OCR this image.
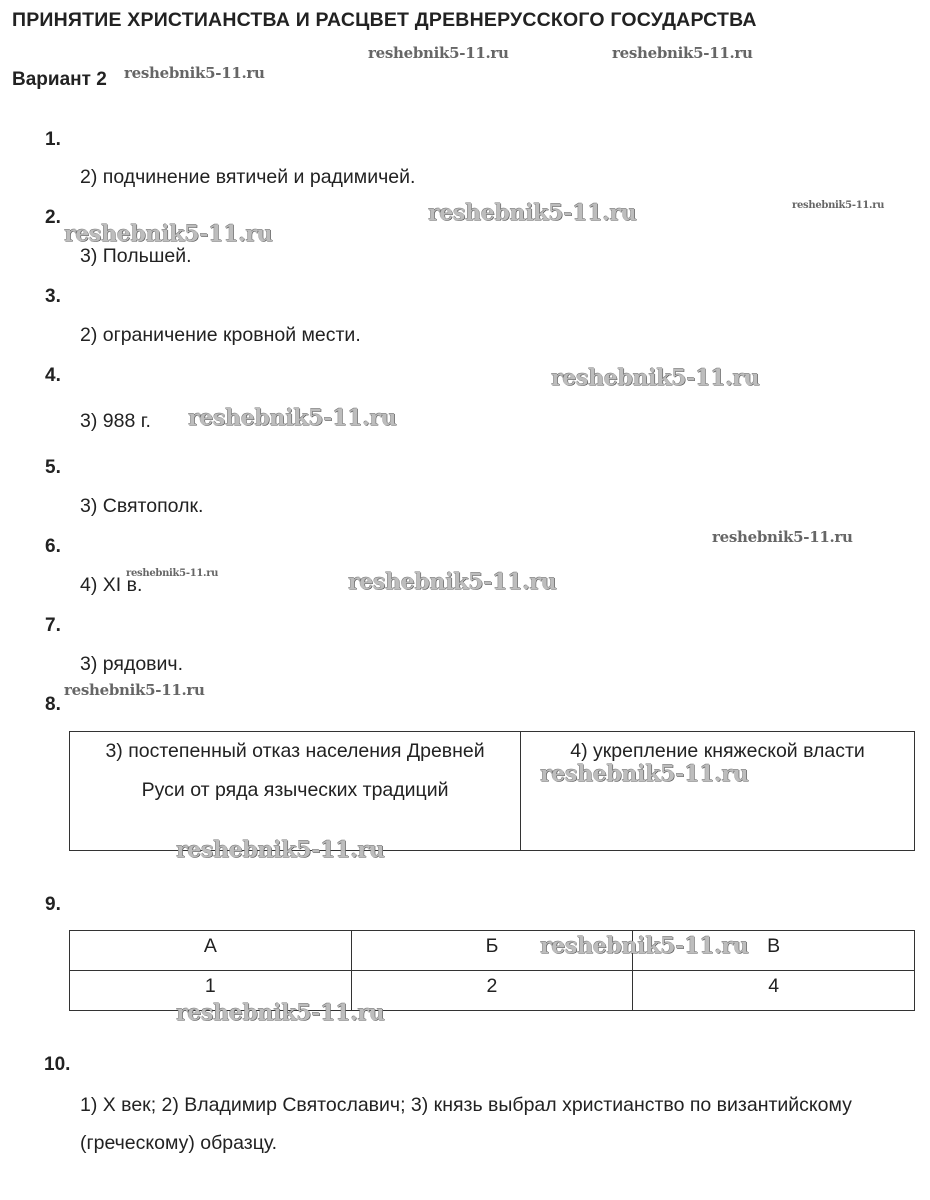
ПРИНЯТИЕ ХРИСТИАНСТВА И РАСЦВЕТ ДРЕВНЕРУССКОГО ГОСУДАРСТВА
Вариант 2
1.
2.
3.
4.
5.
6.
7.
8.
9.
10.
2) подчинение вятичей и радимичей.
3) Польшей.
2) ограничение кровной мести.
3) 988 г.
3) Святополк.
4) XI в.
3) рядович.
1) X век; 2) Владимир Святославич; 3) князь выбрал христианство по византийскому (греческому) образцу.
3) постепенный отказ населения Древней Руси от ряда языческих традиций	4) укрепление княжеской власти
А	Б	В
1	2	4
reshebnik5-11.ru	reshebnik5-11.ru
reshebnik5-11.ru
reshebnik5-11.ru	reshebnik5-11.ru
reshebnik5-11.ru
reshebnik5-11.ru
reshebnik5-11.ru
reshebnik5-11.ru
reshebnik5-11.ru	reshebnik5-11.ru
reshebnik5-11.ru
reshebnik5-11.ru
reshebnik5-11.ru
reshebnik5-11.ru
reshebnik5-11.ru
